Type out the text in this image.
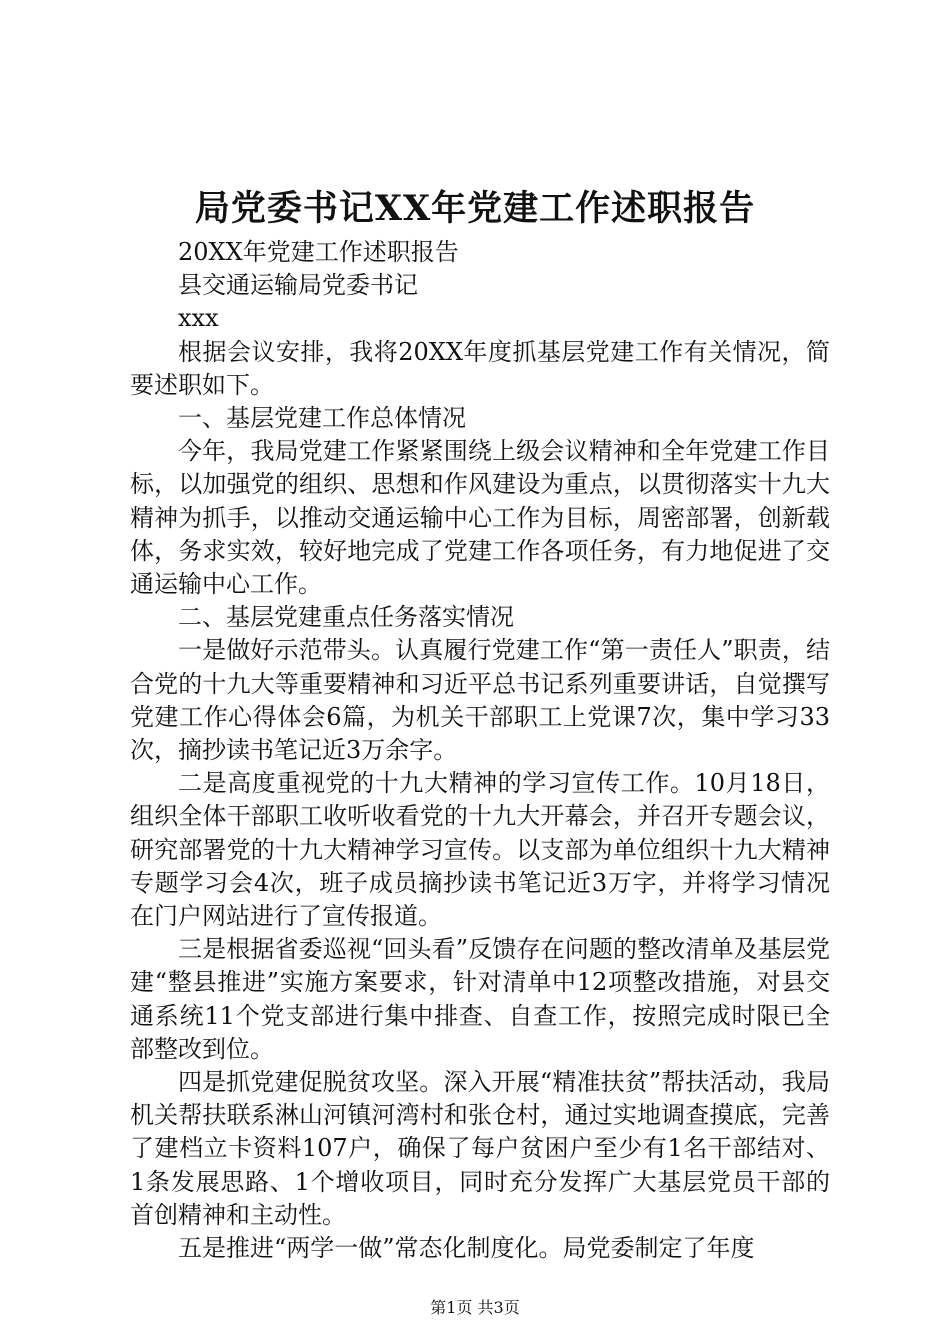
局党委书记XX年党建工作述职报告

20XX年党建工作述职报告

县交通运输局党委书记

xxx

根据会议安排，我将20XX年度抓基层党建工作有关情况，简要述职如下。

一、基层党建工作总体情况

今年，我局党建工作紧紧围绕上级会议精神和全年党建工作目标，以加强党的组织、思想和作风建设为重点，以贯彻落实十九大精神为抓手，以推动交通运输中心工作为目标，周密部署，创新载体，务求实效，较好地完成了党建工作各项任务，有力地促进了交通运输中心工作。

二、基层党建重点任务落实情况

一是做好示范带头。认真履行党建工作“第一责任人”职责，结合党的十九大等重要精神和习近平总书记系列重要讲话，自觉撰写党建工作心得体会6篇，为机关干部职工上党课7次，集中学习33次，摘抄读书笔记近3万余字。

二是高度重视党的十九大精神的学习宣传工作。10月18日，组织全体干部职工收听收看党的十九大开幕会，并召开专题会议，研究部署党的十九大精神学习宣传。以支部为单位组织十九大精神专题学习会4次，班子成员摘抄读书笔记近3万字，并将学习情况在门户网站进行了宣传报道。

三是根据省委巡视“回头看”反馈存在问题的整改清单及基层党建“整县推进”实施方案要求，针对清单中12项整改措施，对县交通系统11个党支部进行集中排查、自查工作，按照完成时限已全部整改到位。

四是抓党建促脱贫攻坚。深入开展“精准扶贫”帮扶活动，我局机关帮扶联系淋山河镇河湾村和张仓村，通过实地调查摸底，完善了建档立卡资料107户，确保了每户贫困户至少有1名干部结对、1条发展思路、1个增收项目，同时充分发挥广大基层党员干部的首创精神和主动性。

五是推进“两学一做”常态化制度化。局党委制定了年度

第1页 共3页
